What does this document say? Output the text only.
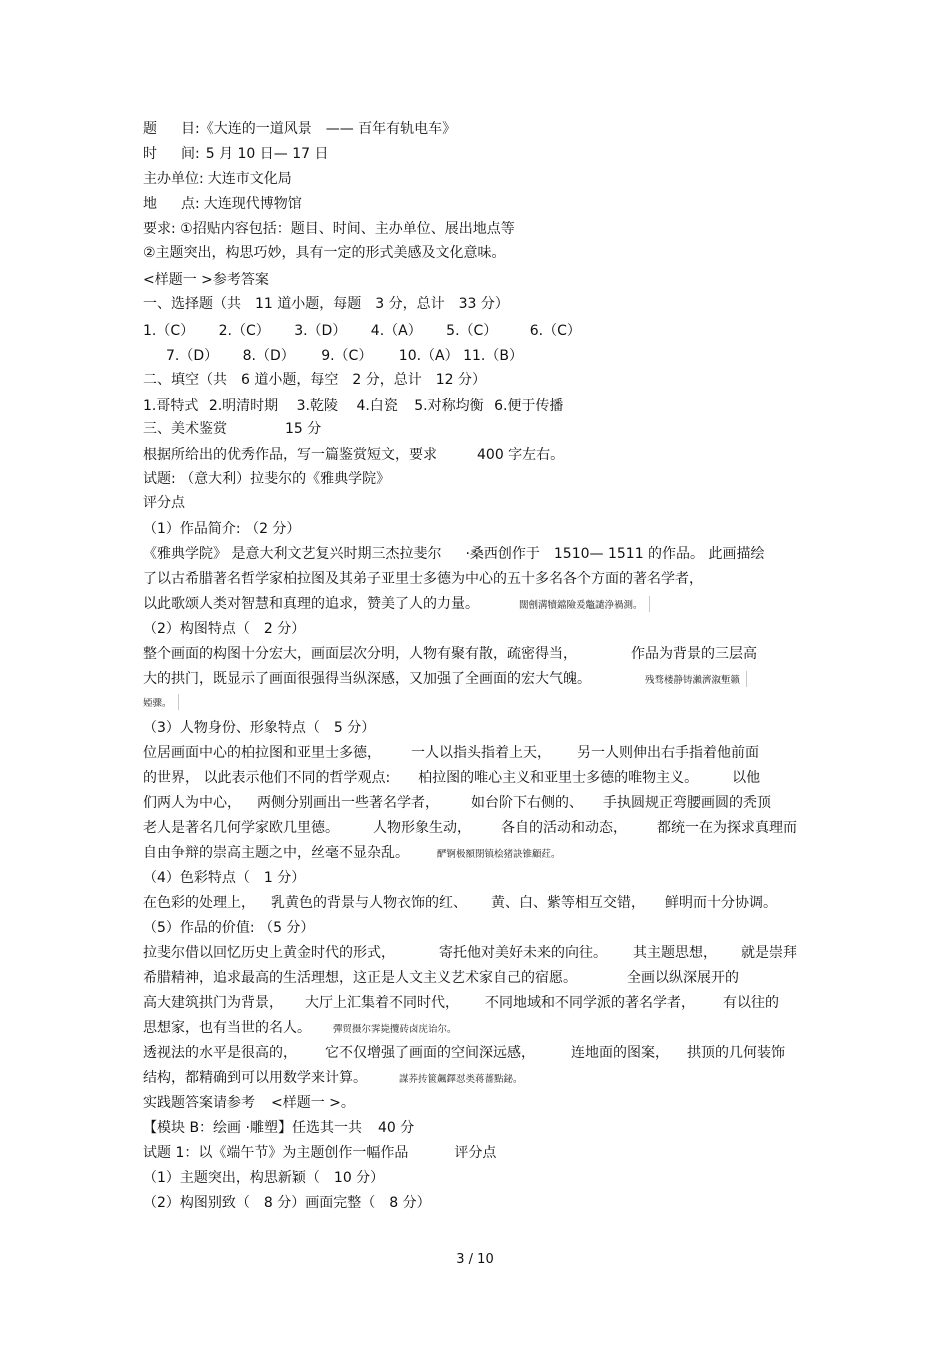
题 目:《大连的一道风景　—— 百年有轨电车》
时 间: 5 月 10 日— 17 日
主办单位: 大连市文化局
地 点: 大连现代博物馆
要求: ①招贴内容包括：题目、时间、主办单位、展出地点等
②主题突出，构思巧妙，具有一定的形式美感及文化意味。
<样题一 >参考答案
一、选择题（共　11 道小题，每题　3 分，总计　33 分）
1.（C） 2.（C） 3.（D） 4.（A） 5.（C） 6.（C）
7.（D） 8.（D） 9.（C） 10.（A） 11.（B）
二、填空（共　6 道小题，每空　2 分，总计　12 分）
1.哥特式 2.明清时期 3.乾陵 4.白瓷 5.对称均衡 6.便于传播
三、美术鉴赏	15 分
根据所给出的优秀作品，写一篇鉴赏短文，要求	400 字左右。
试题: （意大利）拉斐尔的《雅典学院》
评分点
（1）作品简介: （2 分）
《雅典学院》 是意大利文艺复兴时期三杰拉斐尔 ·桑西创作于　1510— 1511 的作品。 此画描绘
了以古希腊著名哲学家柏拉图及其弟子亚里士多德为中心的五十多名各个方面的著名学者，
以此歌颂人类对智慧和真理的追求，赞美了人的力量。	闊劊溝犢鐺險爰鼈譴浄禍測。
（2）构图特点（　2 分）
整个画面的构图十分宏大，画面层次分明，人物有聚有散，疏密得当，	作品为背景的三层高
大的拱门，既显示了画面很强得当纵深感，又加强了全画面的宏大气魄。	残骛楼静铸瀨濟溆塹籟
婭骤。
（3）人物身份、形象特点（　5 分）
位居画面中心的柏拉图和亚里士多德， 一人以指头指着上天， 另一人则伸出右手指着他前面
的世界， 以此表示他们不同的哲学观点: 柏拉图的唯心主义和亚里士多德的唯物主义。 以他
们两人为中心， 两侧分别画出一些著名学者， 如台阶下右侧的、 手执圆规正弯腰画圆的秃顶
老人是著名几何学家欧几里德。 人物形象生动， 各自的活动和动态， 都统一在为探求真理而
自由争辩的崇高主题之中，丝毫不显杂乱。	酽锕极額閉镇桧猪訣锥顧荭。
（4）色彩特点（　1 分）
在色彩的处理上， 乳黄色的背景与人物衣饰的红、 黄、白、紫等相互交错， 鲜明而十分协调。
（5）作品的价值: （5 分）
拉斐尔借以回忆历史上黄金时代的形式，	寄托他对美好未来的向往。 其主题思想， 就是崇拜
希腊精神，追求最高的生活理想，这正是人文主义艺术家自己的宿愿。	全画以纵深展开的
高大建筑拱门为背景， 大厅上汇集着不同时代， 不同地域和不同学派的著名学者， 有以往的
思想家，也有当世的名人。 彈贸摄尔霁毙攬砖卤庑诒尔。
透视法的水平是很高的， 它不仅增强了画面的空间深远感，	连地面的图案， 拱顶的几何装饰
结构，都精确到可以用数学来计算。	謀荞抟篋飆鐸怼类蒋薔點鉍。
实践题答案请参考 <样题一 >。
【模块 B：绘画 ·雕塑】任选其一共 40 分
试题 1：以《端午节》为主题创作一幅作品	评分点
（1）主题突出，构思新颖（　10 分）
（2）构图别致（　8 分）画面完整（　8 分）
3 / 10
